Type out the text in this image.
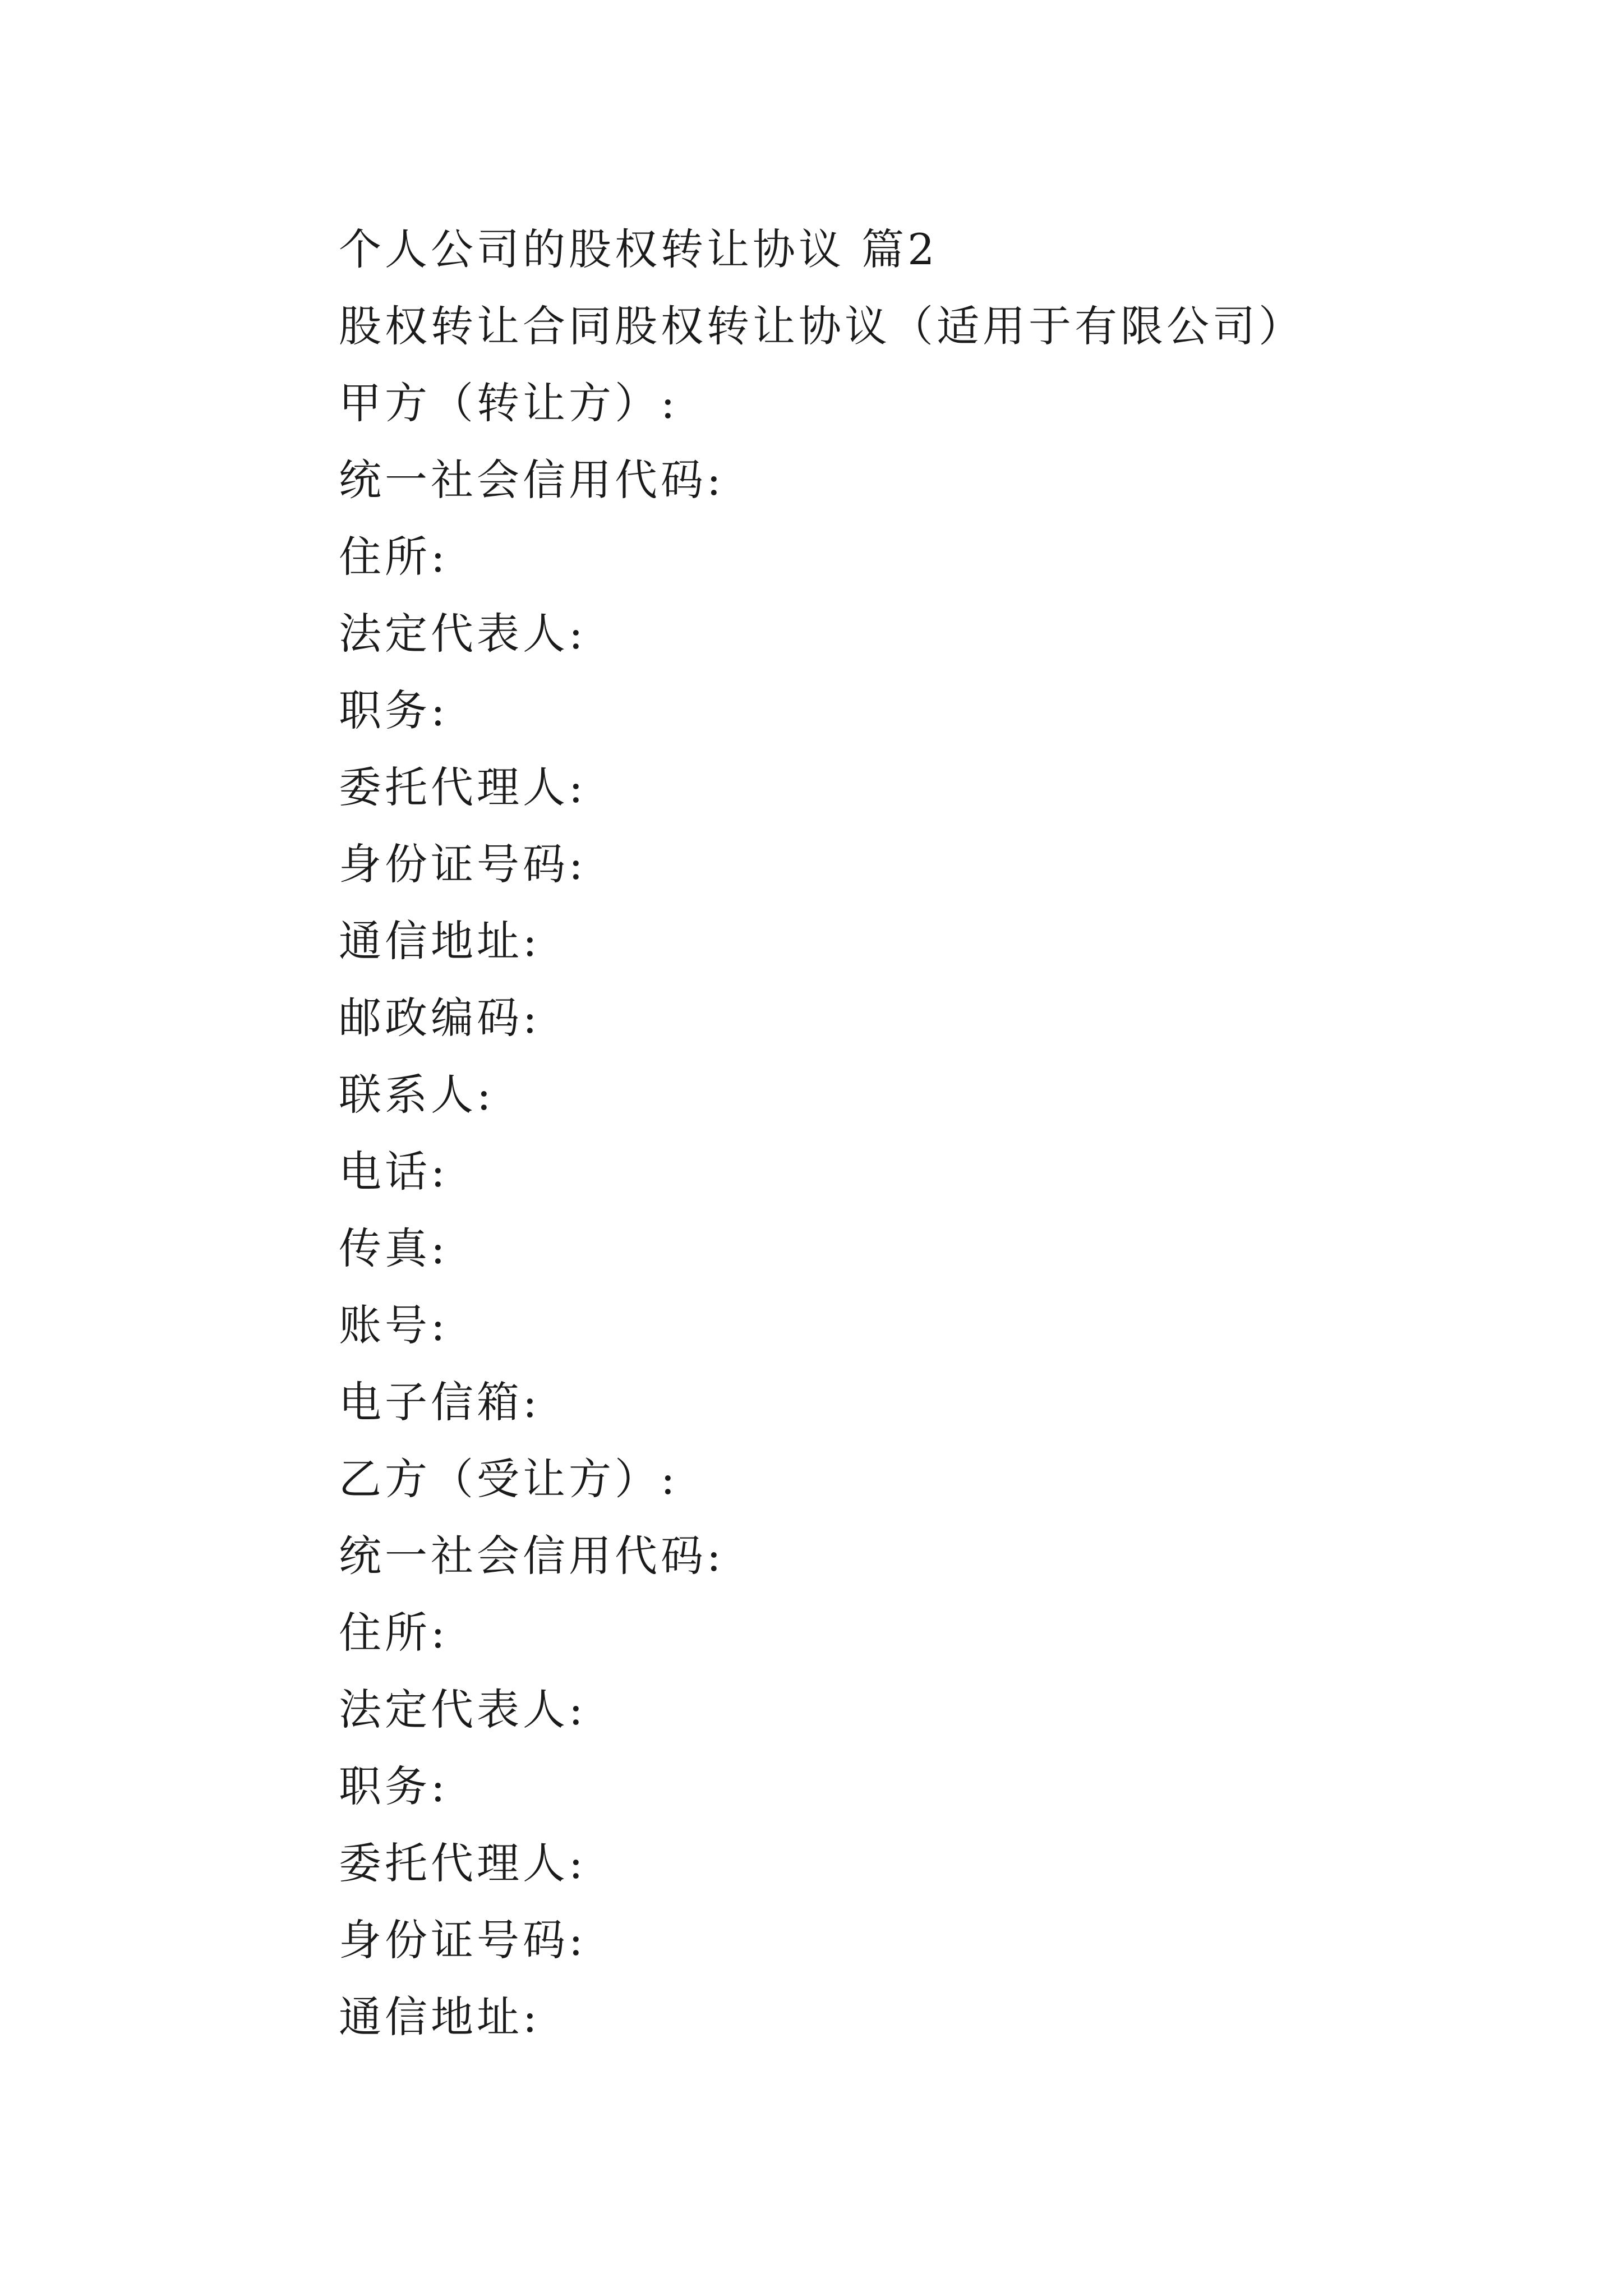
个人公司的股权转让协议 篇2
股权转让合同股权转让协议（适用于有限公司）
甲方（转让方）:
统一社会信用代码:
住所:
法定代表人:
职务:
委托代理人:
身份证号码:
通信地址:
邮政编码:
联系人:
电话:
传真:
账号:
电子信箱:
乙方（受让方）:
统一社会信用代码:
住所:
法定代表人:
职务:
委托代理人:
身份证号码:
通信地址:
